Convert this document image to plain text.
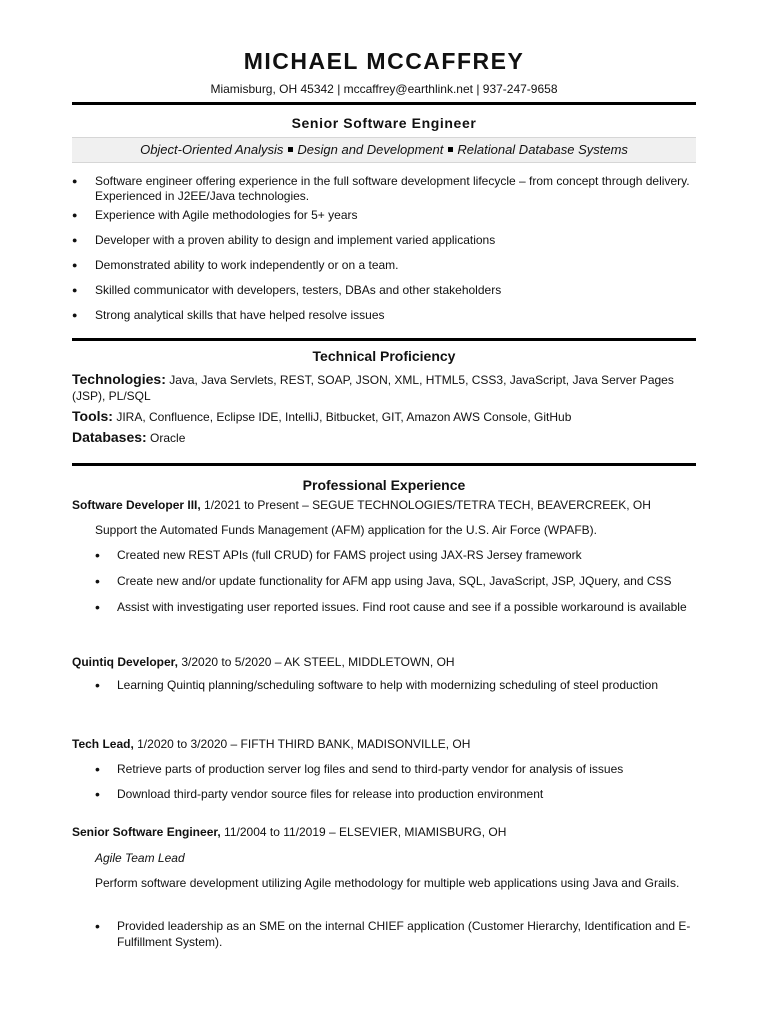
MICHAEL MCCAFFREY
Miamisburg, OH 45342 | mccaffrey@earthlink.net | 937-247-9658
Senior Software Engineer
Object-Oriented Analysis Design and Development Relational Database Systems
● Software engineer offering experience in the full software development lifecycle – from concept through delivery. Experienced in J2EE/Java technologies.
● Experience with Agile methodologies for 5+ years
● Developer with a proven ability to design and implement varied applications
● Demonstrated ability to work independently or on a team.
● Skilled communicator with developers, testers, DBAs and other stakeholders
● Strong analytical skills that have helped resolve issues
Technical Proficiency
Technologies: Java, Java Servlets, REST, SOAP, JSON, XML, HTML5, CSS3, JavaScript, Java Server Pages (JSP), PL/SQL
Tools: JIRA, Confluence, Eclipse IDE, IntelliJ, Bitbucket, GIT, Amazon AWS Console, GitHub
Databases: Oracle
Professional Experience
Software Developer III, 1/2021 to Present – SEGUE TECHNOLOGIES/TETRA TECH, BEAVERCREEK, OH
Support the Automated Funds Management (AFM) application for the U.S. Air Force (WPAFB).
• Created new REST APIs (full CRUD) for FAMS project using JAX-RS Jersey framework
• Create new and/or update functionality for AFM app using Java, SQL, JavaScript, JSP, JQuery, and CSS
• Assist with investigating user reported issues. Find root cause and see if a possible workaround is available
Quintiq Developer, 3/2020 to 5/2020 – AK STEEL, MIDDLETOWN, OH
• Learning Quintiq planning/scheduling software to help with modernizing scheduling of steel production
Tech Lead, 1/2020 to 3/2020 – FIFTH THIRD BANK, MADISONVILLE, OH
• Retrieve parts of production server log files and send to third-party vendor for analysis of issues
• Download third-party vendor source files for release into production environment
Senior Software Engineer, 11/2004 to 11/2019 – ELSEVIER, MIAMISBURG, OH
Agile Team Lead
Perform software development utilizing Agile methodology for multiple web applications using Java and Grails.
• Provided leadership as an SME on the internal CHIEF application (Customer Hierarchy, Identification and E-Fulfillment System).
